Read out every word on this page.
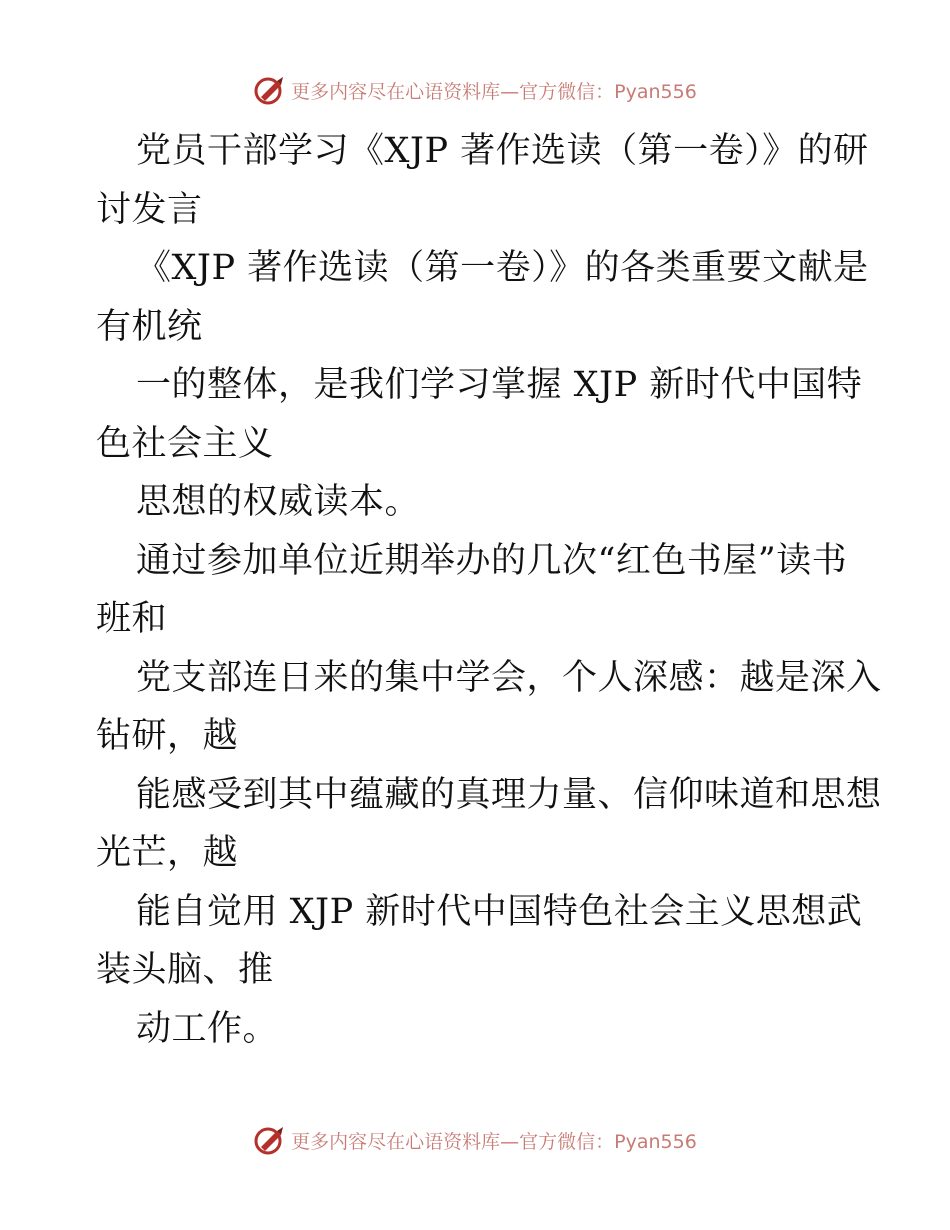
更多内容尽在心语资料库—官方微信：Pyan556
党员干部学习《XJP 著作选读（第一卷）》的研
讨发言
《XJP 著作选读（第一卷）》的各类重要文献是
有机统
一的整体，是我们学习掌握 XJP 新时代中国特
色社会主义
思想的权威读本。
通过参加单位近期举办的几次“红色书屋”读书
班和
党支部连日来的集中学会，个人深感：越是深入
钻研，越
能感受到其中蕴藏的真理力量、信仰味道和思想
光芒，越
能自觉用 XJP 新时代中国特色社会主义思想武
装头脑、推
动工作。
更多内容尽在心语资料库—官方微信：Pyan556
